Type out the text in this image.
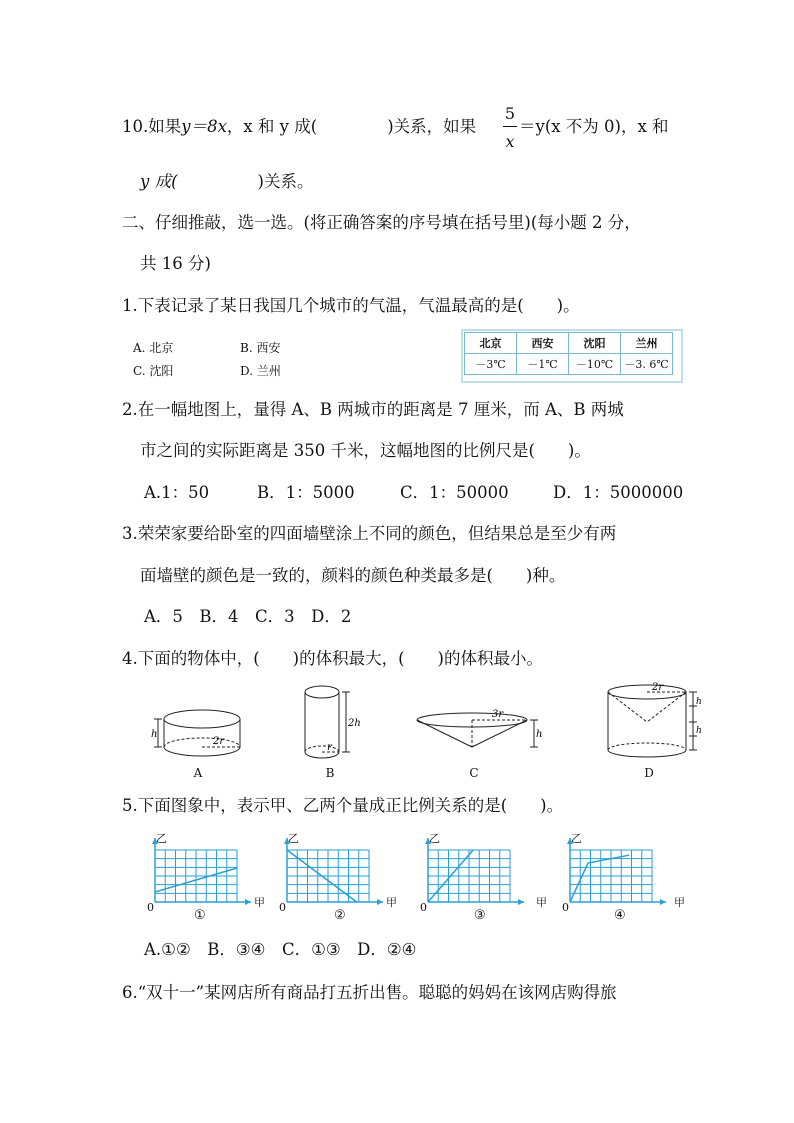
10.如果y＝8x，x 和 y 成(	)关系，如果
5
x
＝y(x 不为 0)，x 和
y 成(	)关系。
二、仔细推敲，选一选。(将正确答案的序号填在括号里)(每小题 2 分，
共 16 分)
1.下表记录了某日我国几个城市的气温，气温最高的是(　　)。
A. 北京	B. 西安
C. 沈阳	D. 兰州
北京	西安	沈阳	兰州
－3℃	－1℃	－10℃	－3. 6℃
2.在一幅地图上，量得 A、B 两城市的距离是 7 厘米，而 A、B 两城
市之间的实际距离是 350 千米，这幅地图的比例尺是(　　)。
A.1：50	B．1：5000	C．1：50000	D．1：5000000
3.荣荣家要给卧室的四面墙壁涂上不同的颜色，但结果总是至少有两
面墙壁的颜色是一致的，颜料的颜色种类最多是(　　)种。
A．5　B．4　C．3　D．2
4.下面的物体中，(　　)的体积最大，(　　)的体积最小。
h
2r
A
2h
r
B
3r
h
C
2r
h
h
D
5.下面图象中，表示甲、乙两个量成正比例关系的是(　　)。
乙	乙	乙	乙
甲	甲	甲	甲
0	0	0	0
①	②	③	④
A.①②　B．③④　C．①③　D．②④
6.“双十一”某网店所有商品打五折出售。聪聪的妈妈在该网店购得旅
